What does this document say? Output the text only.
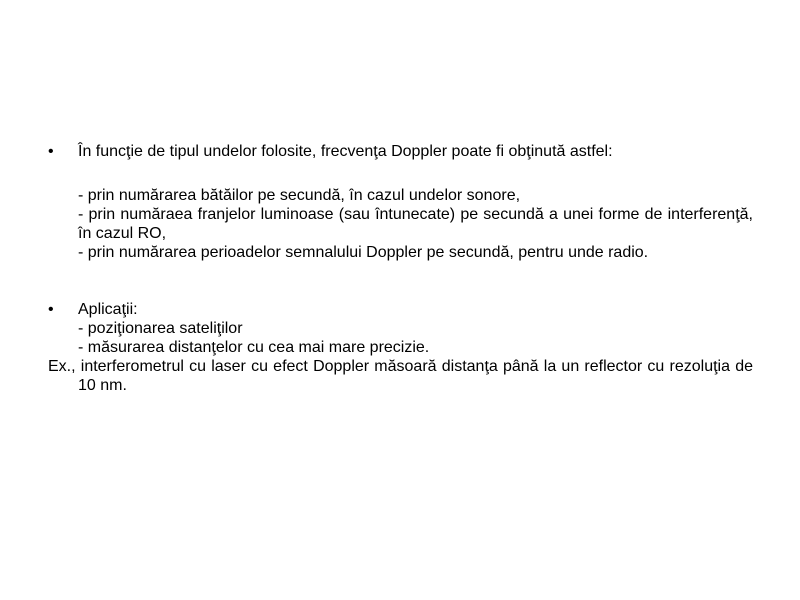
•	În funcţie de tipul undelor folosite, frecvenţa Doppler poate fi obţinută astfel:
- prin numărarea bătăilor pe secundă, în cazul undelor sonore,
- prin număraea franjelor luminoase (sau întunecate) pe secundă a unei forme de interferenţă, în cazul RO,
- prin numărarea perioadelor semnalului Doppler pe secundă, pentru unde radio.
•	Aplicaţii:
- poziţionarea sateliţilor
- măsurarea distanţelor cu cea mai mare precizie.
Ex., interferometrul cu laser cu efect Doppler măsoară distanţa până la un reflector cu rezoluţia de 10 nm.
